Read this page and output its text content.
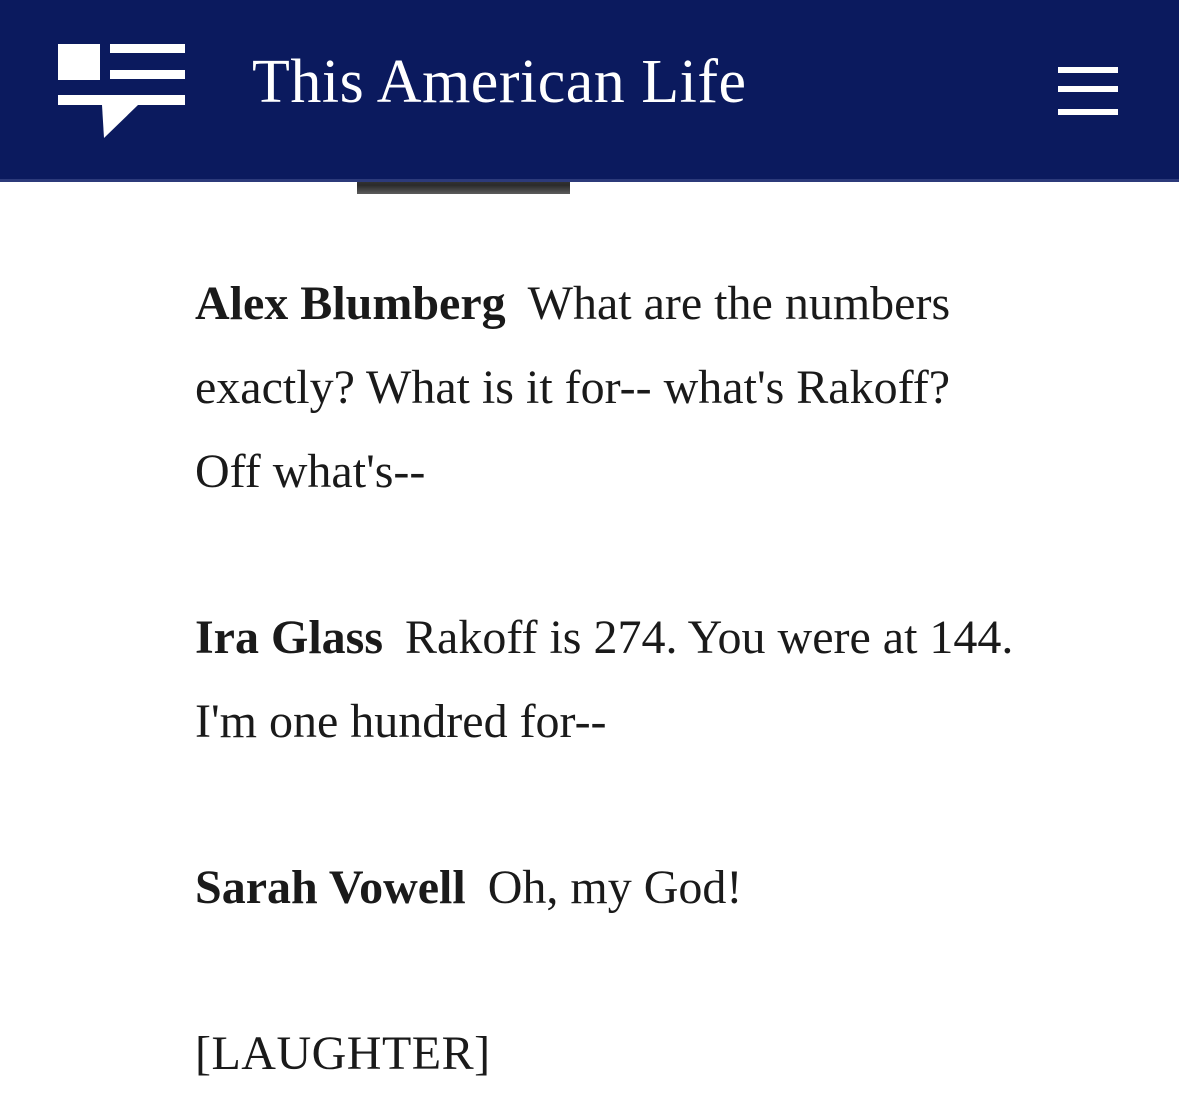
This American Life

Alex Blumberg What are the numbers exactly? What is it for-- what's Rakoff? Off what's--

Ira Glass Rakoff is 274. You were at 144. I'm one hundred for--

Sarah Vowell Oh, my God!

[LAUGHTER]
